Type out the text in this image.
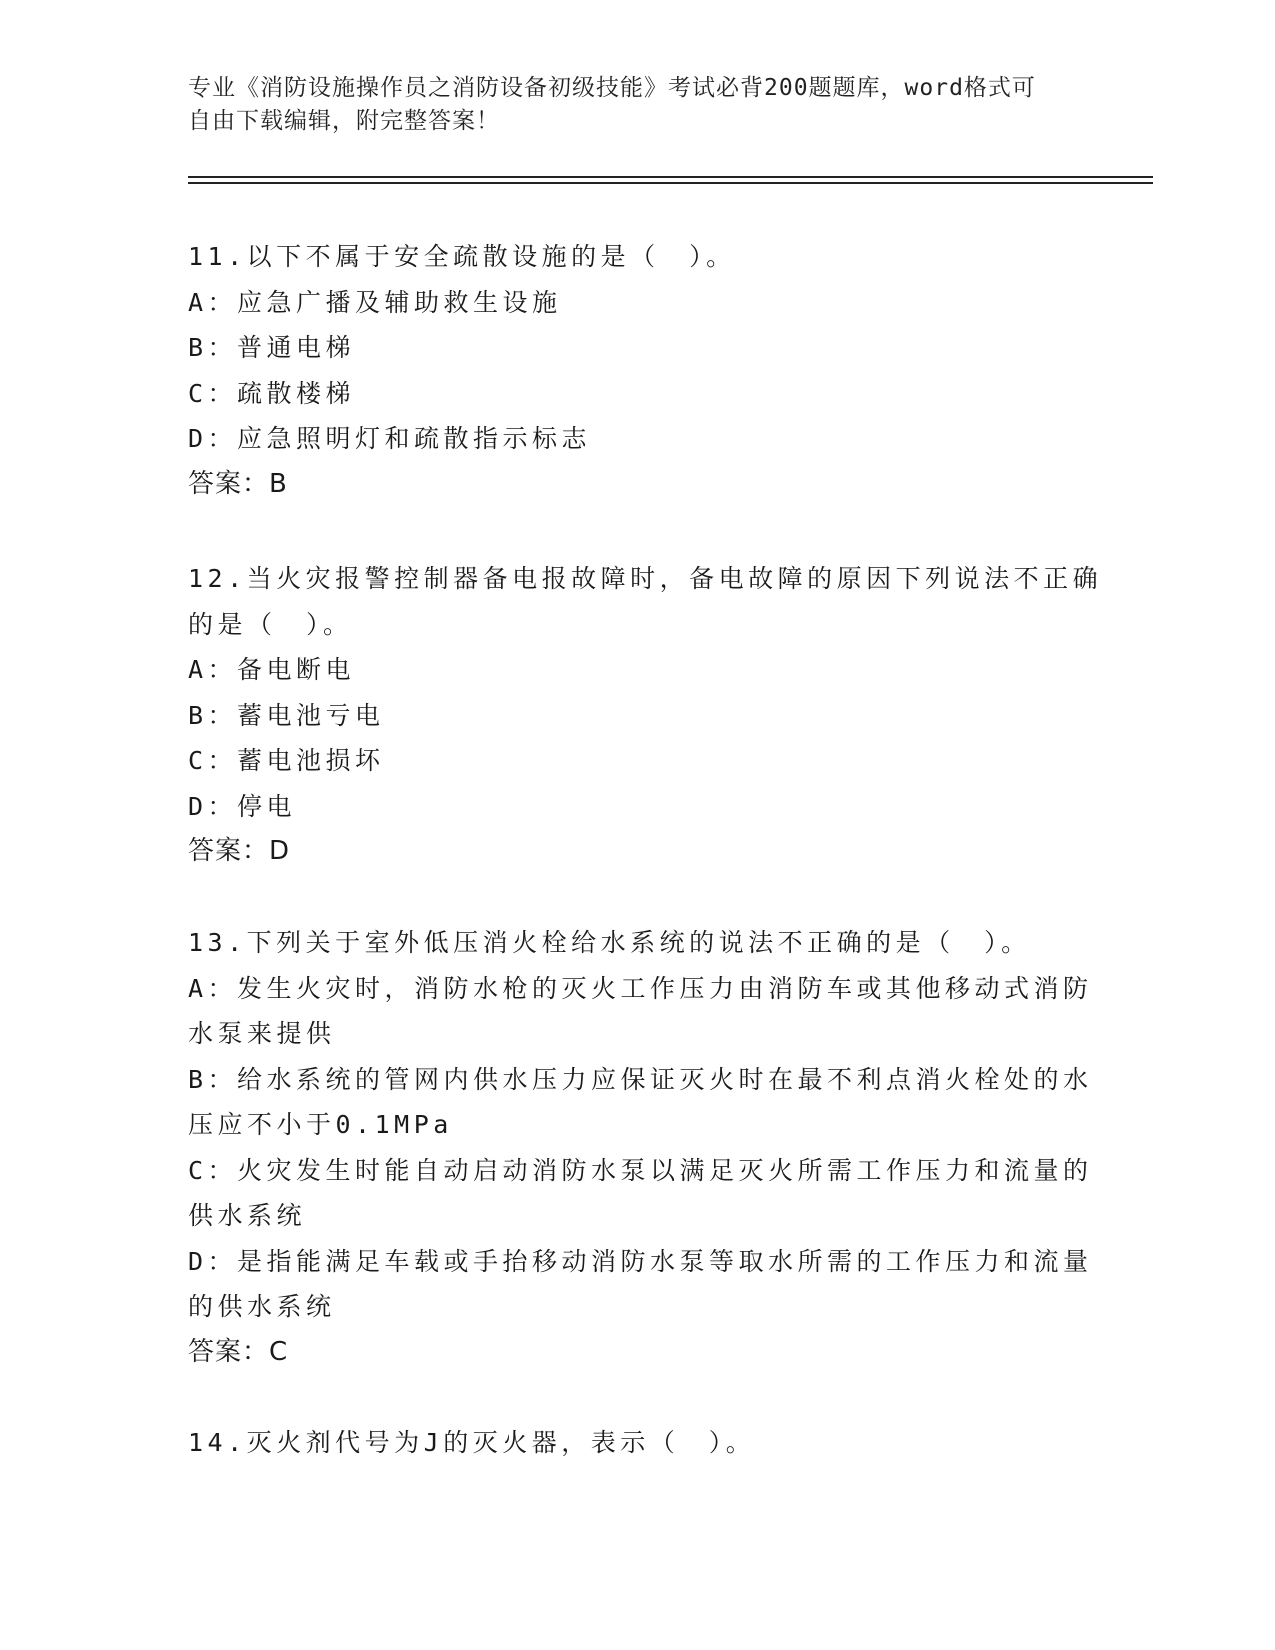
专业《消防设施操作员之消防设备初级技能》考试必背200题题库，word格式可
自由下载编辑，附完整答案！
11.以下不属于安全疏散设施的是（　）。
A：应急广播及辅助救生设施
B：普通电梯
C：疏散楼梯
D：应急照明灯和疏散指示标志
答案：B
12.当火灾报警控制器备电报故障时，备电故障的原因下列说法不正确
的是（　）。
A：备电断电
B：蓄电池亏电
C：蓄电池损坏
D：停电
答案：D
13.下列关于室外低压消火栓给水系统的说法不正确的是（　）。
A：发生火灾时，消防水枪的灭火工作压力由消防车或其他移动式消防
水泵来提供
B：给水系统的管网内供水压力应保证灭火时在最不利点消火栓处的水
压应不小于0.1MPa
C：火灾发生时能自动启动消防水泵以满足灭火所需工作压力和流量的
供水系统
D：是指能满足车载或手抬移动消防水泵等取水所需的工作压力和流量
的供水系统
答案：C
14.灭火剂代号为J的灭火器，表示（　）。
